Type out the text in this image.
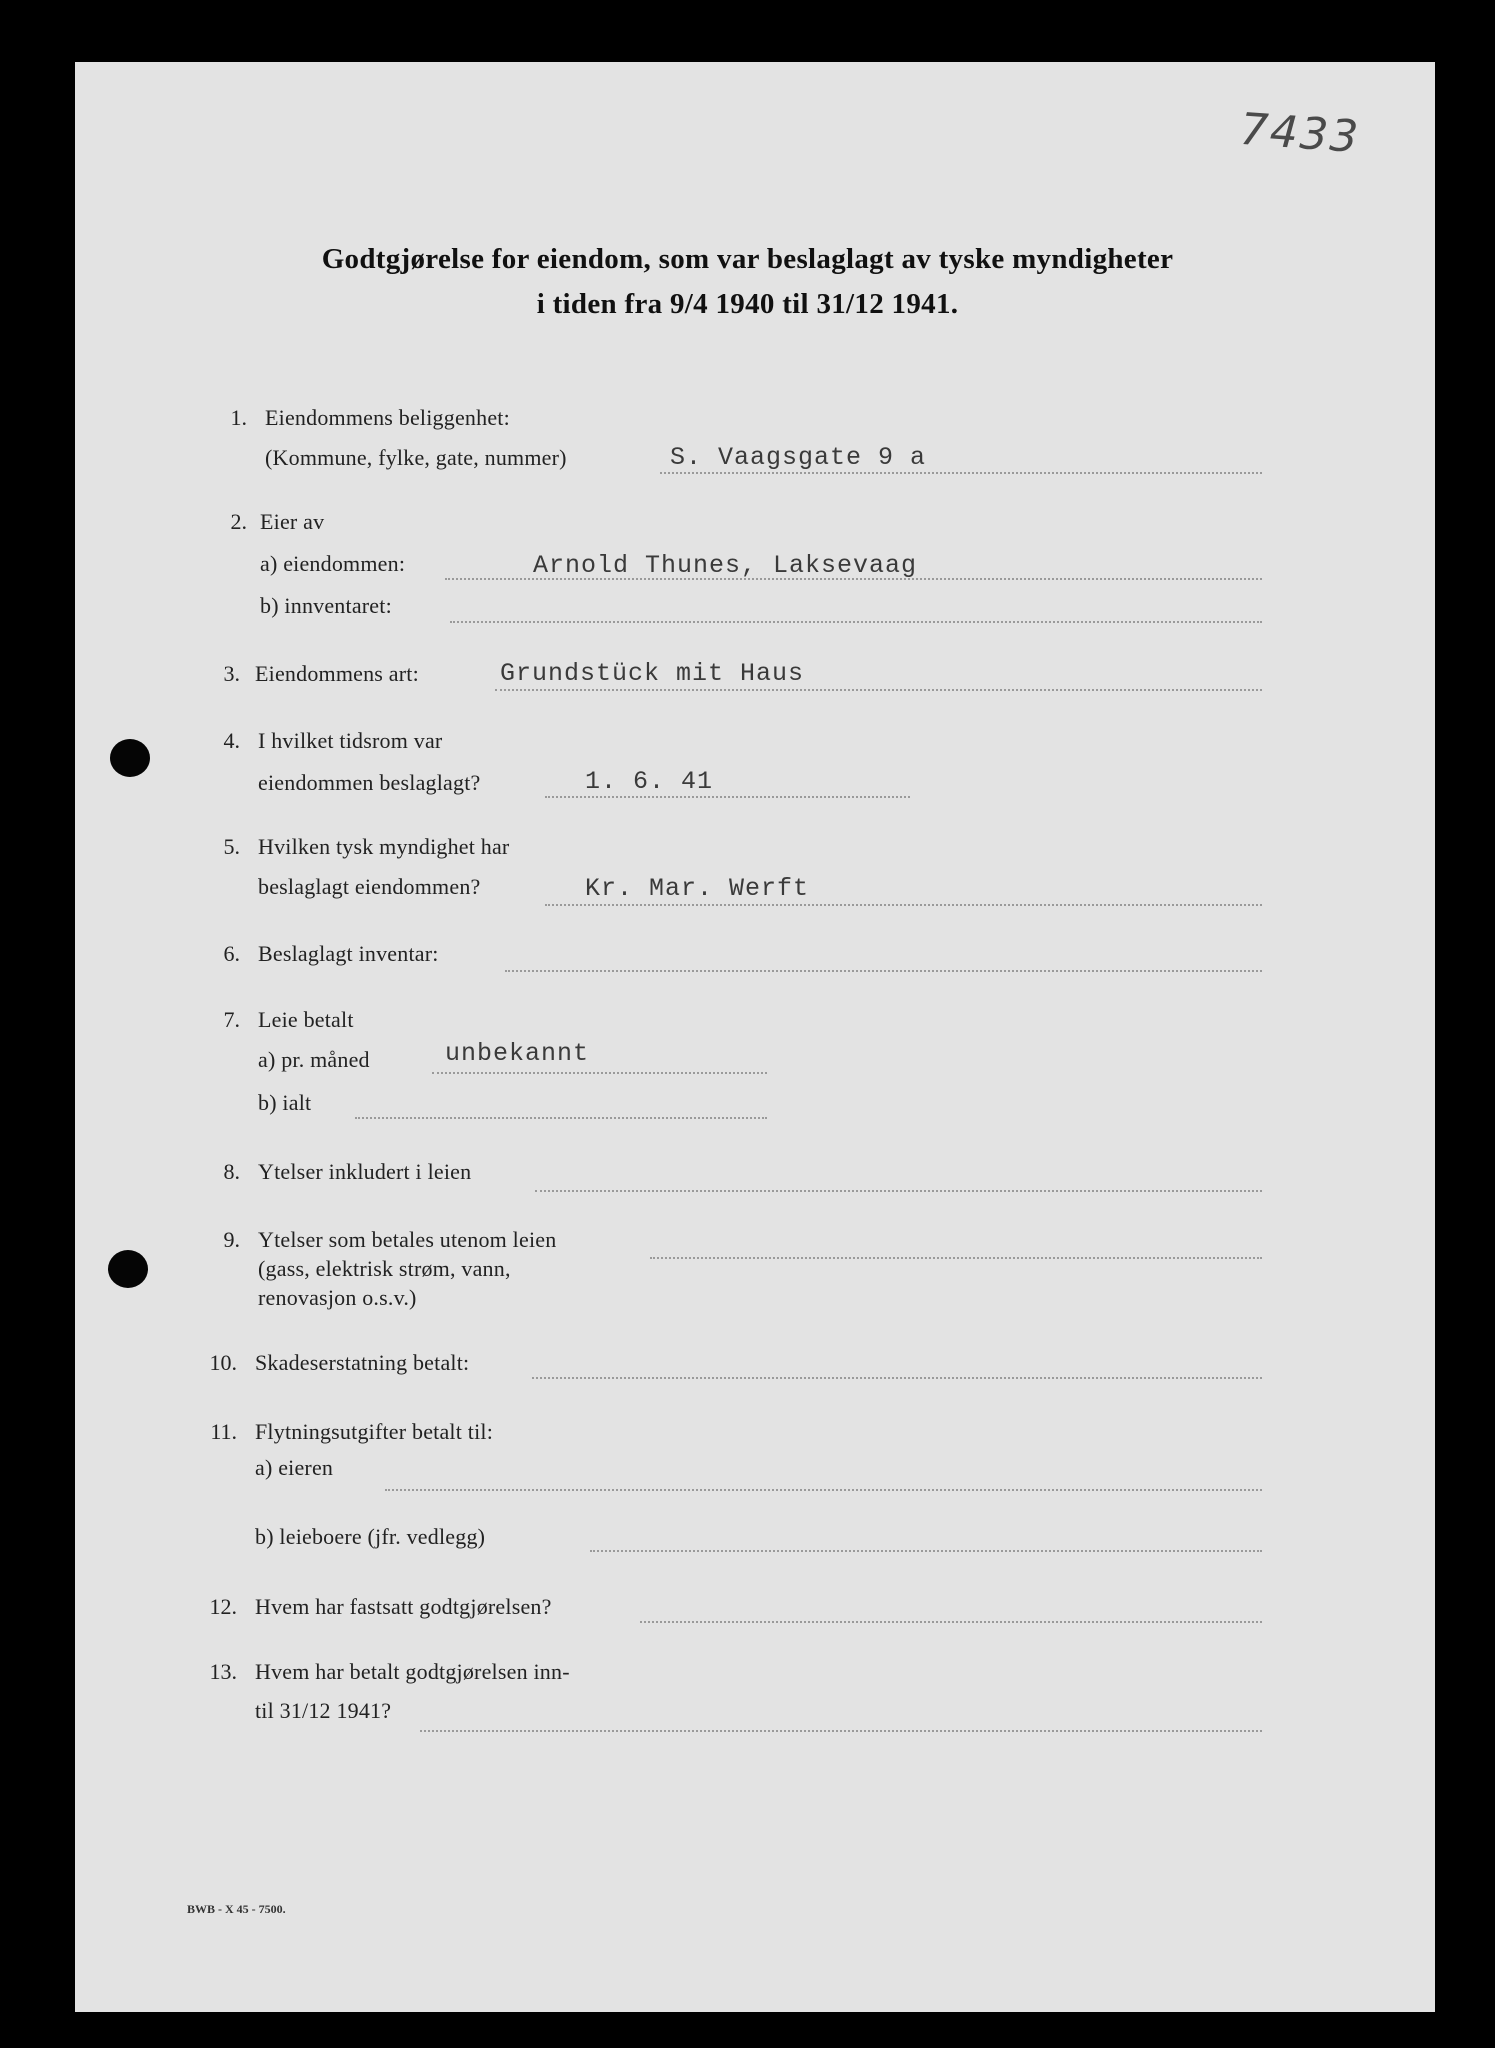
7433
Godtgjørelse for eiendom, som var beslaglagt av tyske myndigheter
i tiden fra 9/4 1940 til 31/12 1941.
1. Eiendommens beliggenhet:
(Kommune, fylke, gate, nummer)	S. Vaagsgate 9 a
2. Eier av
a) eiendommen:	Arnold Thunes, Laksevaag
b) innventaret:
3. Eiendommens art:	Grundstück mit Haus
4. I hvilket tidsrom var
eiendommen beslaglagt?	1. 6. 41
5. Hvilken tysk myndighet har
beslaglagt eiendommen?	Kr. Mar. Werft
6. Beslaglagt inventar:
7. Leie betalt
a) pr. måned	unbekannt
b) ialt
8. Ytelser inkludert i leien
9. Ytelser som betales utenom leien
(gass, elektrisk strøm, vann,
renovasjon o.s.v.)
10. Skadeserstatning betalt:
11. Flytningsutgifter betalt til:
a) eieren
b) leieboere (jfr. vedlegg)
12. Hvem har fastsatt godtgjørelsen?
13. Hvem har betalt godtgjørelsen inn-
til 31/12 1941?
BWB - X 45 - 7500.
